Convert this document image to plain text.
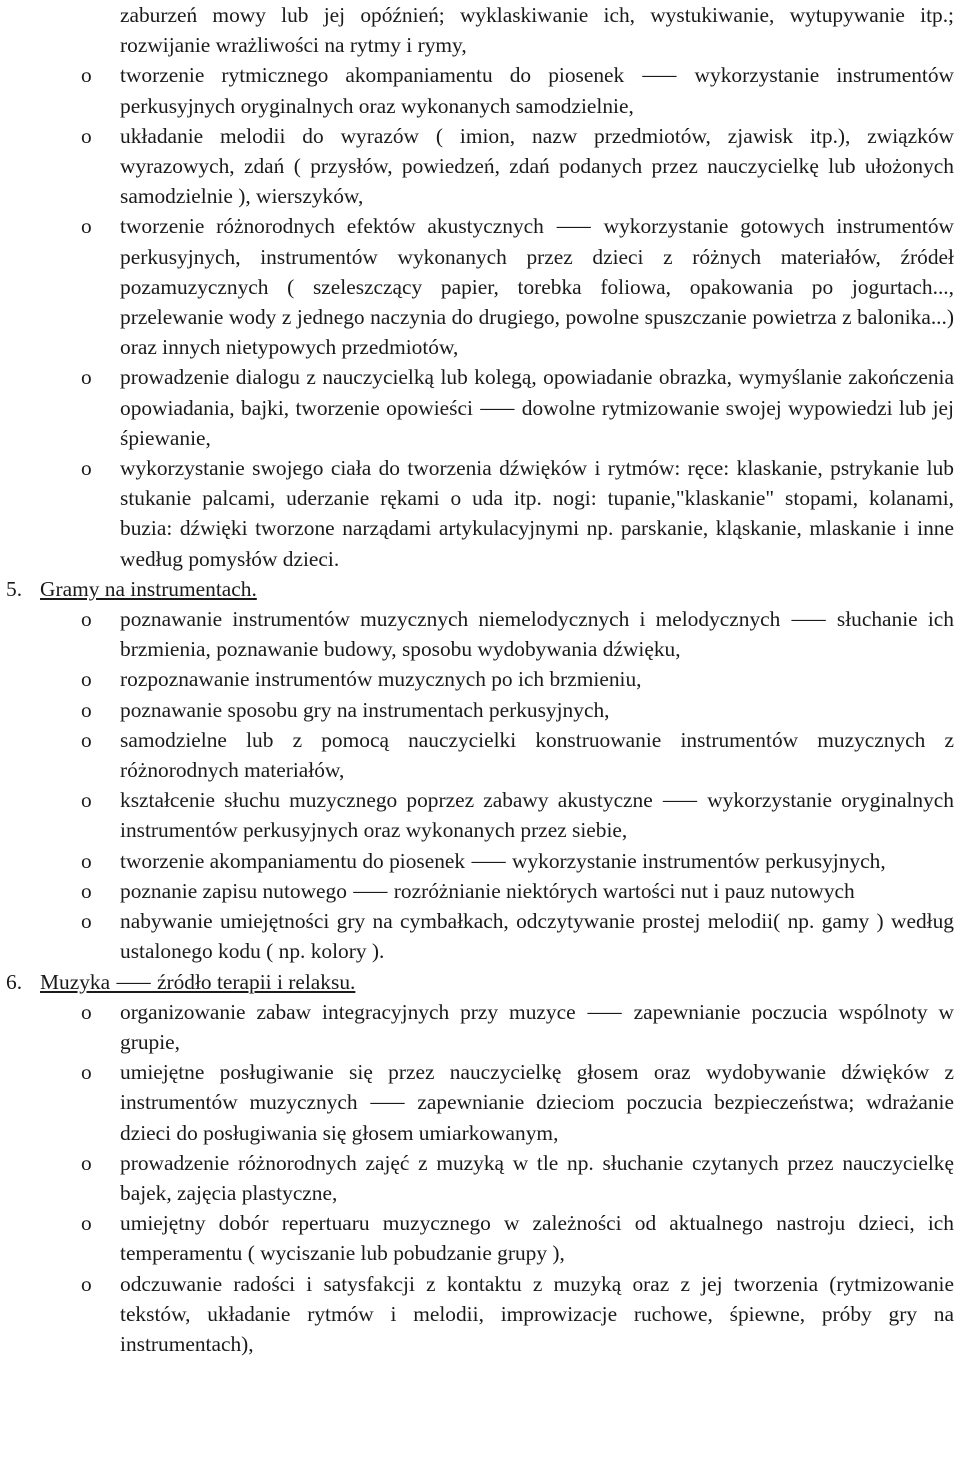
zaburzeń mowy lub jej opóźnień; wyklaskiwanie ich, wystukiwanie, wytupywanie itp.; rozwijanie wrażliwości na rytmy i rymy,
o tworzenie rytmicznego akompaniamentu do piosenek ⸺ wykorzystanie instrumentów perkusyjnych oryginalnych oraz wykonanych samodzielnie,
o układanie melodii do wyrazów ( imion, nazw przedmiotów, zjawisk itp.), związków wyrazowych, zdań ( przysłów, powiedzeń, zdań podanych przez nauczycielkę lub ułożonych samodzielnie ), wierszyków,
o tworzenie różnorodnych efektów akustycznych ⸺ wykorzystanie gotowych instrumentów perkusyjnych, instrumentów wykonanych przez dzieci z różnych materiałów, źródeł pozamuzycznych ( szeleszczący papier, torebka foliowa, opakowania po jogurtach..., przelewanie wody z jednego naczynia do drugiego, powolne spuszczanie powietrza z balonika...) oraz innych nietypowych przedmiotów,
o prowadzenie dialogu z nauczycielką lub kolegą, opowiadanie obrazka, wymyślanie zakończenia opowiadania, bajki, tworzenie opowieści ⸺ dowolne rytmizowanie swojej wypowiedzi lub jej śpiewanie,
o wykorzystanie swojego ciała do tworzenia dźwięków i rytmów: ręce: klaskanie, pstrykanie lub stukanie palcami, uderzanie rękami o uda itp. nogi: tupanie,"klaskanie" stopami, kolanami, buzia: dźwięki tworzone narządami artykulacyjnymi np. parskanie, kląskanie, mlaskanie i inne według pomysłów dzieci.
5. Gramy na instrumentach.
o poznawanie instrumentów muzycznych niemelodycznych i melodycznych ⸺ słuchanie ich brzmienia, poznawanie budowy, sposobu wydobywania dźwięku,
o rozpoznawanie instrumentów muzycznych po ich brzmieniu,
o poznawanie sposobu gry na instrumentach perkusyjnych,
o samodzielne lub z pomocą nauczycielki konstruowanie instrumentów muzycznych z różnorodnych materiałów,
o kształcenie słuchu muzycznego poprzez zabawy akustyczne ⸺ wykorzystanie oryginalnych instrumentów perkusyjnych oraz wykonanych przez siebie,
o tworzenie akompaniamentu do piosenek ⸺ wykorzystanie instrumentów perkusyjnych,
o poznanie zapisu nutowego ⸺ rozróżnianie niektórych wartości nut i pauz nutowych
o nabywanie umiejętności gry na cymbałkach, odczytywanie prostej melodii( np. gamy ) według ustalonego kodu ( np. kolory ).
6. Muzyka ⸺ źródło terapii i relaksu.
o organizowanie zabaw integracyjnych przy muzyce ⸺ zapewnianie poczucia wspólnoty w grupie,
o umiejętne posługiwanie się przez nauczycielkę głosem oraz wydobywanie dźwięków z instrumentów muzycznych ⸺ zapewnianie dzieciom poczucia bezpieczeństwa; wdrażanie dzieci do posługiwania się głosem umiarkowanym,
o prowadzenie różnorodnych zajęć z muzyką w tle np. słuchanie czytanych przez nauczycielkę bajek, zajęcia plastyczne,
o umiejętny dobór repertuaru muzycznego w zależności od aktualnego nastroju dzieci, ich temperamentu ( wyciszanie lub pobudzanie grupy ),
o odczuwanie radości i satysfakcji z kontaktu z muzyką oraz z jej tworzenia (rytmizowanie tekstów, układanie rytmów i melodii, improwizacje ruchowe, śpiewne, próby gry na instrumentach),
